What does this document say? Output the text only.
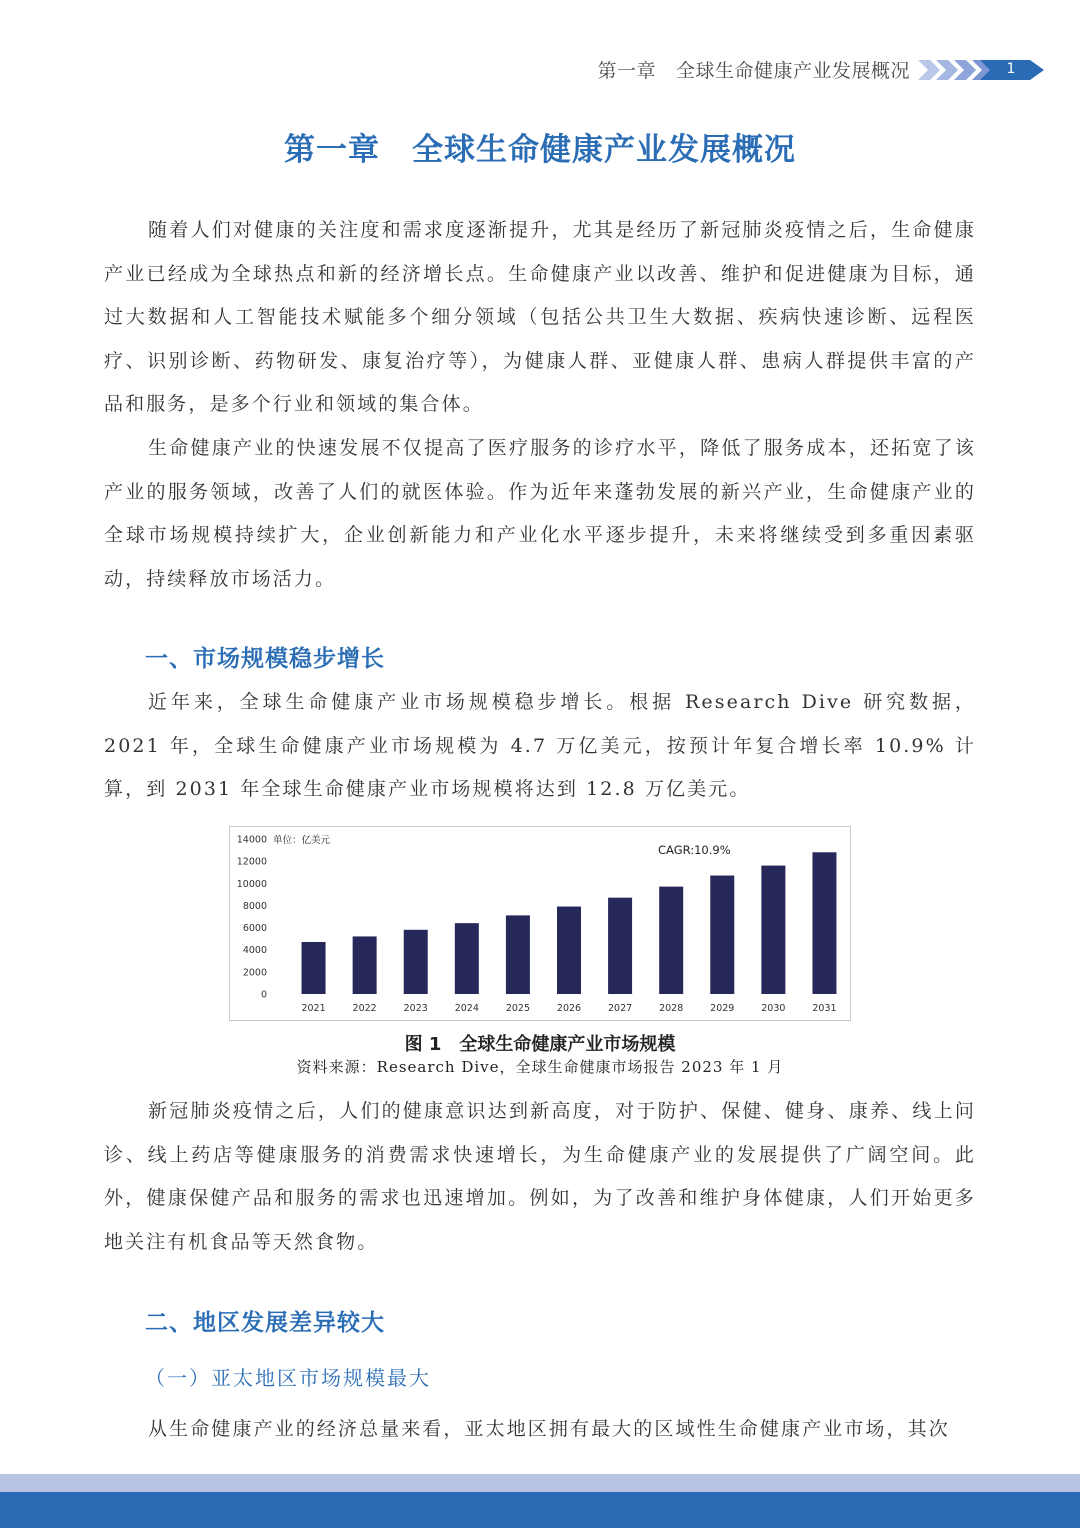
第一章 全球生命健康产业发展概况	1
第一章 全球生命健康产业发展概况

随着人们对健康的关注度和需求度逐渐提升，尤其是经历了新冠肺炎疫情之后，生命健康产业已经成为全球热点和新的经济增长点。生命健康产业以改善、维护和促进健康为目标，通过大数据和人工智能技术赋能多个细分领域（包括公共卫生大数据、疾病快速诊断、远程医疗、识别诊断、药物研发、康复治疗等），为健康人群、亚健康人群、患病人群提供丰富的产品和服务，是多个行业和领域的集合体。

生命健康产业的快速发展不仅提高了医疗服务的诊疗水平，降低了服务成本，还拓宽了该产业的服务领域，改善了人们的就医体验。作为近年来蓬勃发展的新兴产业，生命健康产业的全球市场规模持续扩大，企业创新能力和产业化水平逐步提升，未来将继续受到多重因素驱动，持续释放市场活力。

一、市场规模稳步增长

近年来，全球生命健康产业市场规模稳步增长。根据 Research Dive 研究数据，2021 年，全球生命健康产业市场规模为 4.7 万亿美元，按预计年复合增长率 10.9% 计算，到 2031 年全球生命健康产业市场规模将达到 12.8 万亿美元。

0
2000
4000
6000
8000
10000
12000
14000
2021	2022	2023	2024	2025	2026	2027	2028	2029	2030	2031
单位：亿美元
CAGR:10.9%
图 1 全球生命健康产业市场规模
资料来源：Research Dive，全球生命健康市场报告 2023 年 1 月

新冠肺炎疫情之后，人们的健康意识达到新高度，对于防护、保健、健身、康养、线上问诊、线上药店等健康服务的消费需求快速增长，为生命健康产业的发展提供了广阔空间。此外，健康保健产品和服务的需求也迅速增加。例如，为了改善和维护身体健康，人们开始更多地关注有机食品等天然食物。

二、地区发展差异较大
（一）亚太地区市场规模最大

从生命健康产业的经济总量来看，亚太地区拥有最大的区域性生命健康产业市场，其次
